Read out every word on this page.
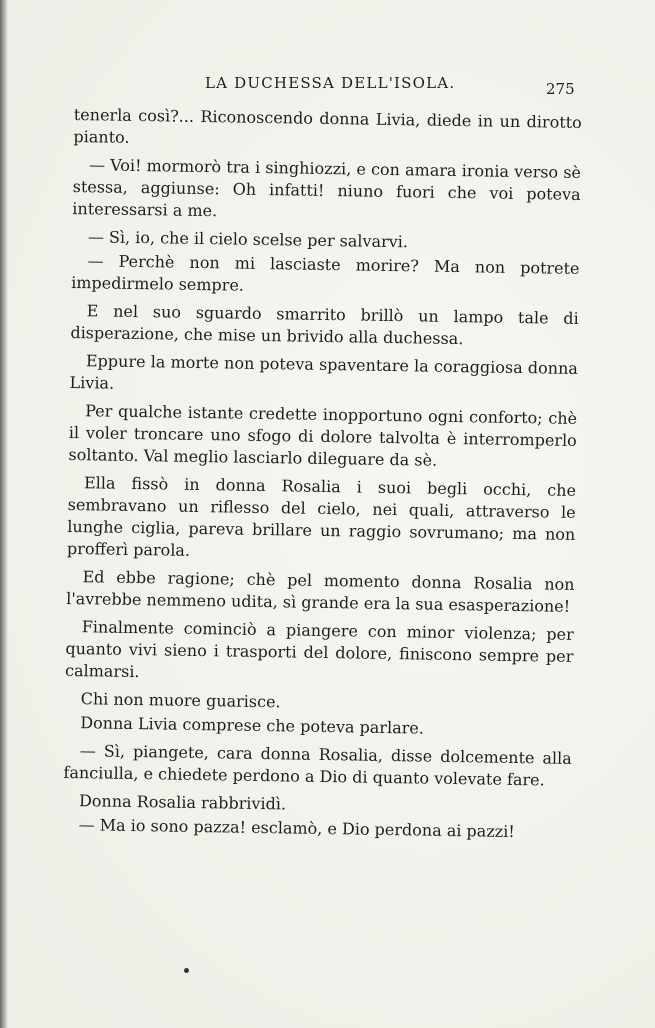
LA DUCHESSA DELL'ISOLA.	275

tenerla così?... Riconoscendo donna Livia, diede in un dirotto pianto.

— Voi! mormorò tra i singhiozzi, e con amara ironia verso sè stessa, aggiunse: Oh infatti! niuno fuori che voi poteva interessarsi a me.

— Sì, io, che il cielo scelse per salvarvi.

— Perchè non mi lasciaste morire? Ma non potrete impedirmelo sempre.

E nel suo sguardo smarrito brillò un lampo tale di disperazione, che mise un brivido alla duchessa.

Eppure la morte non poteva spaventare la coraggiosa donna Livia.

Per qualche istante credette inopportuno ogni conforto; chè il voler troncare uno sfogo di dolore talvolta è interromperlo soltanto. Val meglio lasciarlo dileguare da sè.

Ella fissò in donna Rosalia i suoi begli occhi, che sembravano un riflesso del cielo, nei quali, attraverso le lunghe ciglia, pareva brillare un raggio sovrumano; ma non profferì parola.

Ed ebbe ragione; chè pel momento donna Rosalia non l'avrebbe nemmeno udita, sì grande era la sua esasperazione!

Finalmente cominciò a piangere con minor violenza; per quanto vivi sieno i trasporti del dolore, finiscono sempre per calmarsi.

Chi non muore guarisce.

Donna Livia comprese che poteva parlare.

— Sì, piangete, cara donna Rosalia, disse dolcemente alla fanciulla, e chiedete perdono a Dio di quanto volevate fare.

Donna Rosalia rabbrividì.

— Ma io sono pazza! esclamò, e Dio perdona ai pazzi!
